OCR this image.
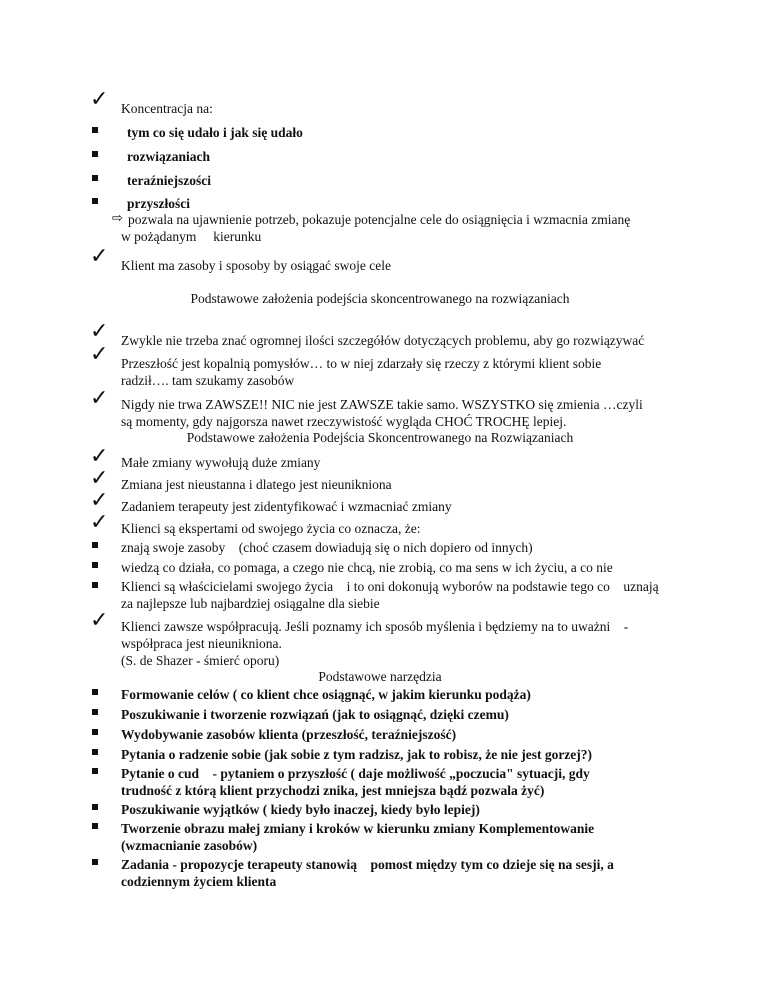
✓ Koncentracja na:
tym co się udało i jak się udało
rozwiązaniach
teraźniejszości
przyszłości
⇨ pozwala na ujawnienie potrzeb, pokazuje potencjalne cele do osiągnięcia i wzmacnia zmianę
w pożądanym     kierunku
✓ Klient ma zasoby i sposoby by osiągać swoje cele
Podstawowe założenia podejścia skoncentrowanego na rozwiązaniach
✓ Zwykle nie trzeba znać ogromnej ilości szczegółów dotyczących problemu, aby go rozwiązywać
✓ Przeszłość jest kopalnią pomysłów… to w niej zdarzały się rzeczy z którymi klient sobie
radził…. tam szukamy zasobów
✓ Nigdy nie trwa ZAWSZE!! NIC nie jest ZAWSZE takie samo. WSZYSTKO się zmienia …czyli
są momenty, gdy najgorsza nawet rzeczywistość wygląda CHOĆ TROCHĘ lepiej.
Podstawowe założenia Podejścia Skoncentrowanego na Rozwiązaniach
✓ Małe zmiany wywołują duże zmiany
✓ Zmiana jest nieustanna i dlatego jest nieunikniona
✓ Zadaniem terapeuty jest zidentyfikować i wzmacniać zmiany
✓ Klienci są ekspertami od swojego życia co oznacza, że:
znają swoje zasoby    (choć czasem dowiadują się o nich dopiero od innych)
wiedzą co działa, co pomaga, a czego nie chcą, nie zrobią, co ma sens w ich życiu, a co nie
Klienci są właścicielami swojego życia    i to oni dokonują wyborów na podstawie tego co    uznają
za najlepsze lub najbardziej osiągalne dla siebie
✓ Klienci zawsze współpracują. Jeśli poznamy ich sposób myślenia i będziemy na to uważni    -
współpraca jest nieunikniona.
(S. de Shazer - śmierć oporu)
Podstawowe narzędzia
Formowanie celów ( co klient chce osiągnąć, w jakim kierunku podąża)
Poszukiwanie i tworzenie rozwiązań (jak to osiągnąć, dzięki czemu)
Wydobywanie zasobów klienta (przeszłość, teraźniejszość)
Pytania o radzenie sobie (jak sobie z tym radzisz, jak to robisz, że nie jest gorzej?)
Pytanie o cud    - pytaniem o przyszłość ( daje możliwość „poczucia" sytuacji, gdy
trudność z którą klient przychodzi znika, jest mniejsza bądź pozwala żyć)
Poszukiwanie wyjątków ( kiedy było inaczej, kiedy było lepiej)
Tworzenie obrazu małej zmiany i kroków w kierunku zmiany Komplementowanie
(wzmacnianie zasobów)
Zadania - propozycje terapeuty stanowią    pomost między tym co dzieje się na sesji, a
codziennym życiem klienta
